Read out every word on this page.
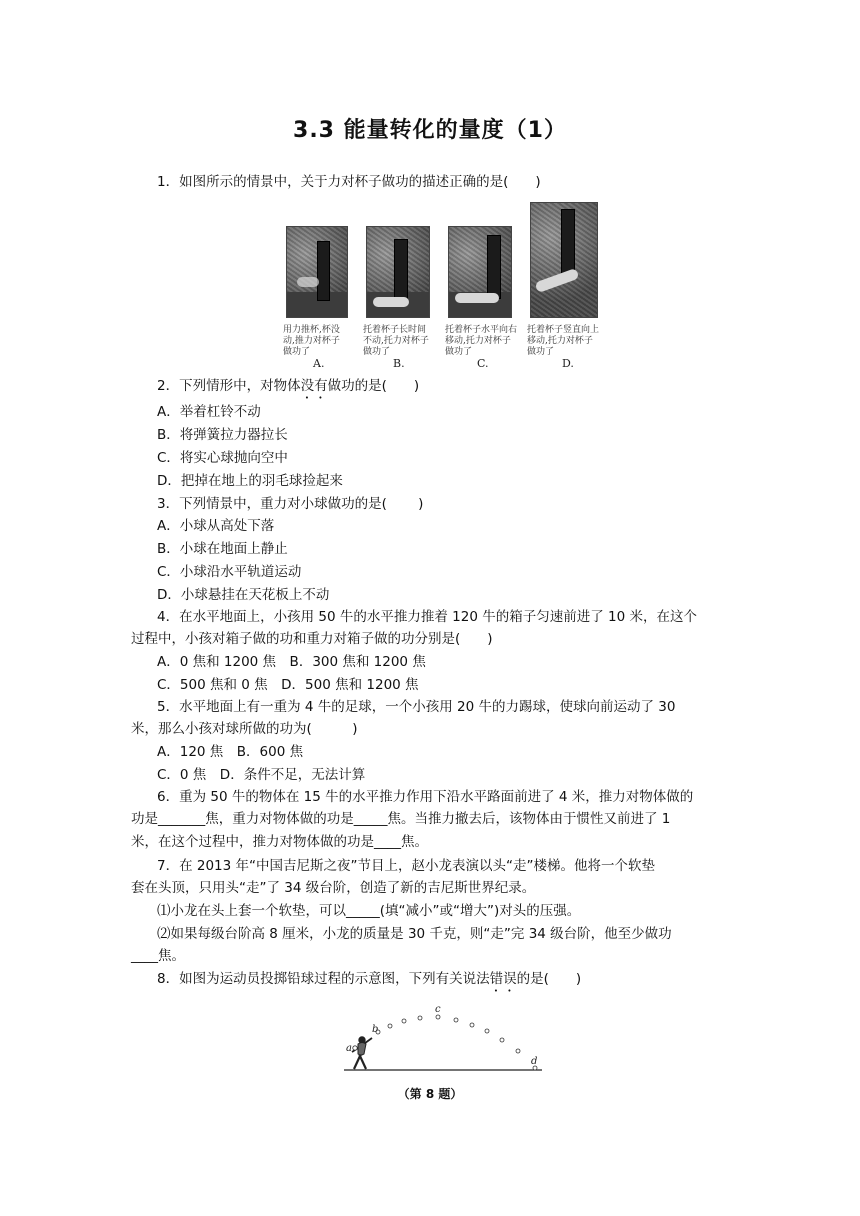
3.3 能量转化的量度（1）
1．如图所示的情景中，关于力对杯子做功的描述正确的是(　　)
用力推杯,杯没
动,推力对杯子
做功了
A.
托着杯子长时间
不动,托力对杯子
做功了
B.
托着杯子水平向右
移动,托力对杯子
做功了
C.
托着杯子竖直向上
移动,托力对杯子
做功了
D.
2．下列情形中，对物体没有做功的是(　　)
A．举着杠铃不动
B．将弹簧拉力器拉长
C．将实心球抛向空中
D．把掉在地上的羽毛球捡起来
3．下列情景中，重力对小球做功的是(　　 )
A．小球从高处下落
B．小球在地面上静止
C．小球沿水平轨道运动
D．小球悬挂在天花板上不动
4．在水平地面上，小孩用 50 牛的水平推力推着 120 牛的箱子匀速前进了 10 米，在这个
过程中，小孩对箱子做的功和重力对箱子做的功分别是(　　)
A．0 焦和 1200 焦　B．300 焦和 1200 焦
C．500 焦和 0 焦　D．500 焦和 1200 焦
5．水平地面上有一重为 4 牛的足球，一个小孩用 20 牛的力踢球，使球向前运动了 30
米，那么小孩对球所做的功为(　　　)
A．120 焦　B．600 焦
C．0 焦　D．条件不足，无法计算
6．重为 50 牛的物体在 15 牛的水平推力作用下沿水平路面前进了 4 米，推力对物体做的
功是_______焦，重力对物体做的功是_____焦。当推力撤去后，该物体由于惯性又前进了 1
米，在这个过程中，推力对物体做的功是____焦。
7．在 2013 年“中国吉尼斯之夜”节目上，赵小龙表演以头“走”楼梯。他将一个软垫
套在头顶，只用头“走”了 34 级台阶，创造了新的吉尼斯世界纪录。
⑴小龙在头上套一个软垫，可以_____(填“减小”或“增大”)对头的压强。
⑵如果每级台阶高 8 厘米，小龙的质量是 30 千克，则“走”完 34 级台阶，他至少做功
____焦。
8．如图为运动员投掷铅球过程的示意图，下列有关说法错误的是(　　)
a
b
c
d
（第 8 题）
